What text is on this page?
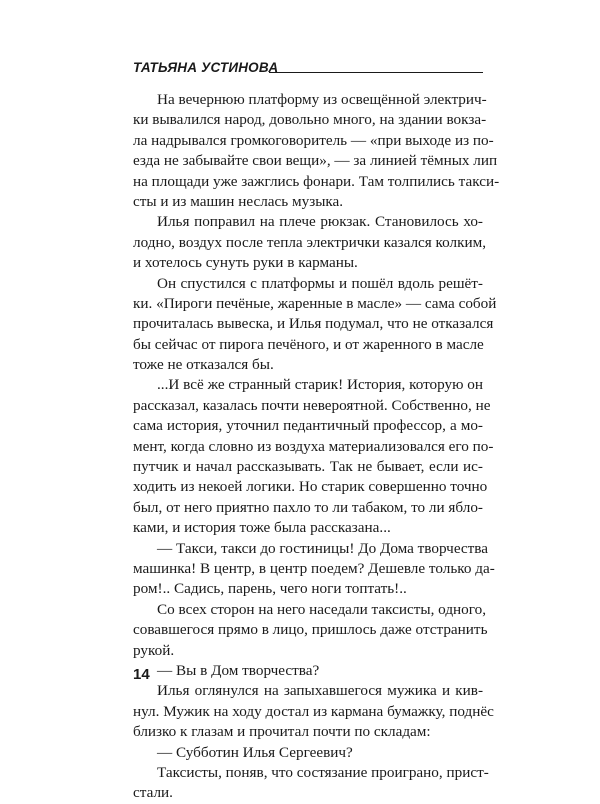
ТАТЬЯНА УСТИНОВА
На вечернюю платформу из освещённой электрич-
ки вывалился народ, довольно много, на здании вокза-
ла надрывался громкоговоритель — «при выходе из по-
езда не забывайте свои вещи», — за линией тёмных лип
на площади уже зажглись фонари. Там толпились такси-
сты и из машин неслась музыка.
Илья поправил на плече рюкзак. Становилось хо-
лодно, воздух после тепла электрички казался колким,
и хотелось сунуть руки в карманы.
Он спустился с платформы и пошёл вдоль решёт-
ки. «Пироги печёные, жаренные в масле» — сама собой
прочиталась вывеска, и Илья подумал, что не отказался
бы сейчас от пирога печёного, и от жаренного в масле
тоже не отказался бы.
...И всё же странный старик! История, которую он
рассказал, казалась почти невероятной. Собственно, не
сама история, уточнил педантичный профессор, а мо-
мент, когда словно из воздуха материализовался его по-
путчик и начал рассказывать. Так не бывает, если ис-
ходить из некоей логики. Но старик совершенно точно
был, от него приятно пахло то ли табаком, то ли ябло-
ками, и история тоже была рассказана...
— Такси, такси до гостиницы! До Дома творчества
машинка! В центр, в центр поедем? Дешевле только да-
ром!.. Садись, парень, чего ноги топтать!..
Со всех сторон на него наседали таксисты, одного,
совавшегося прямо в лицо, пришлось даже отстранить
рукой.
— Вы в Дом творчества?
Илья оглянулся на запыхавшегося мужика и кив-
нул. Мужик на ходу достал из кармана бумажку, поднёс
близко к глазам и прочитал почти по складам:
— Субботин Илья Сергеевич?
Таксисты, поняв, что состязание проиграно, прист-
стали.
14
